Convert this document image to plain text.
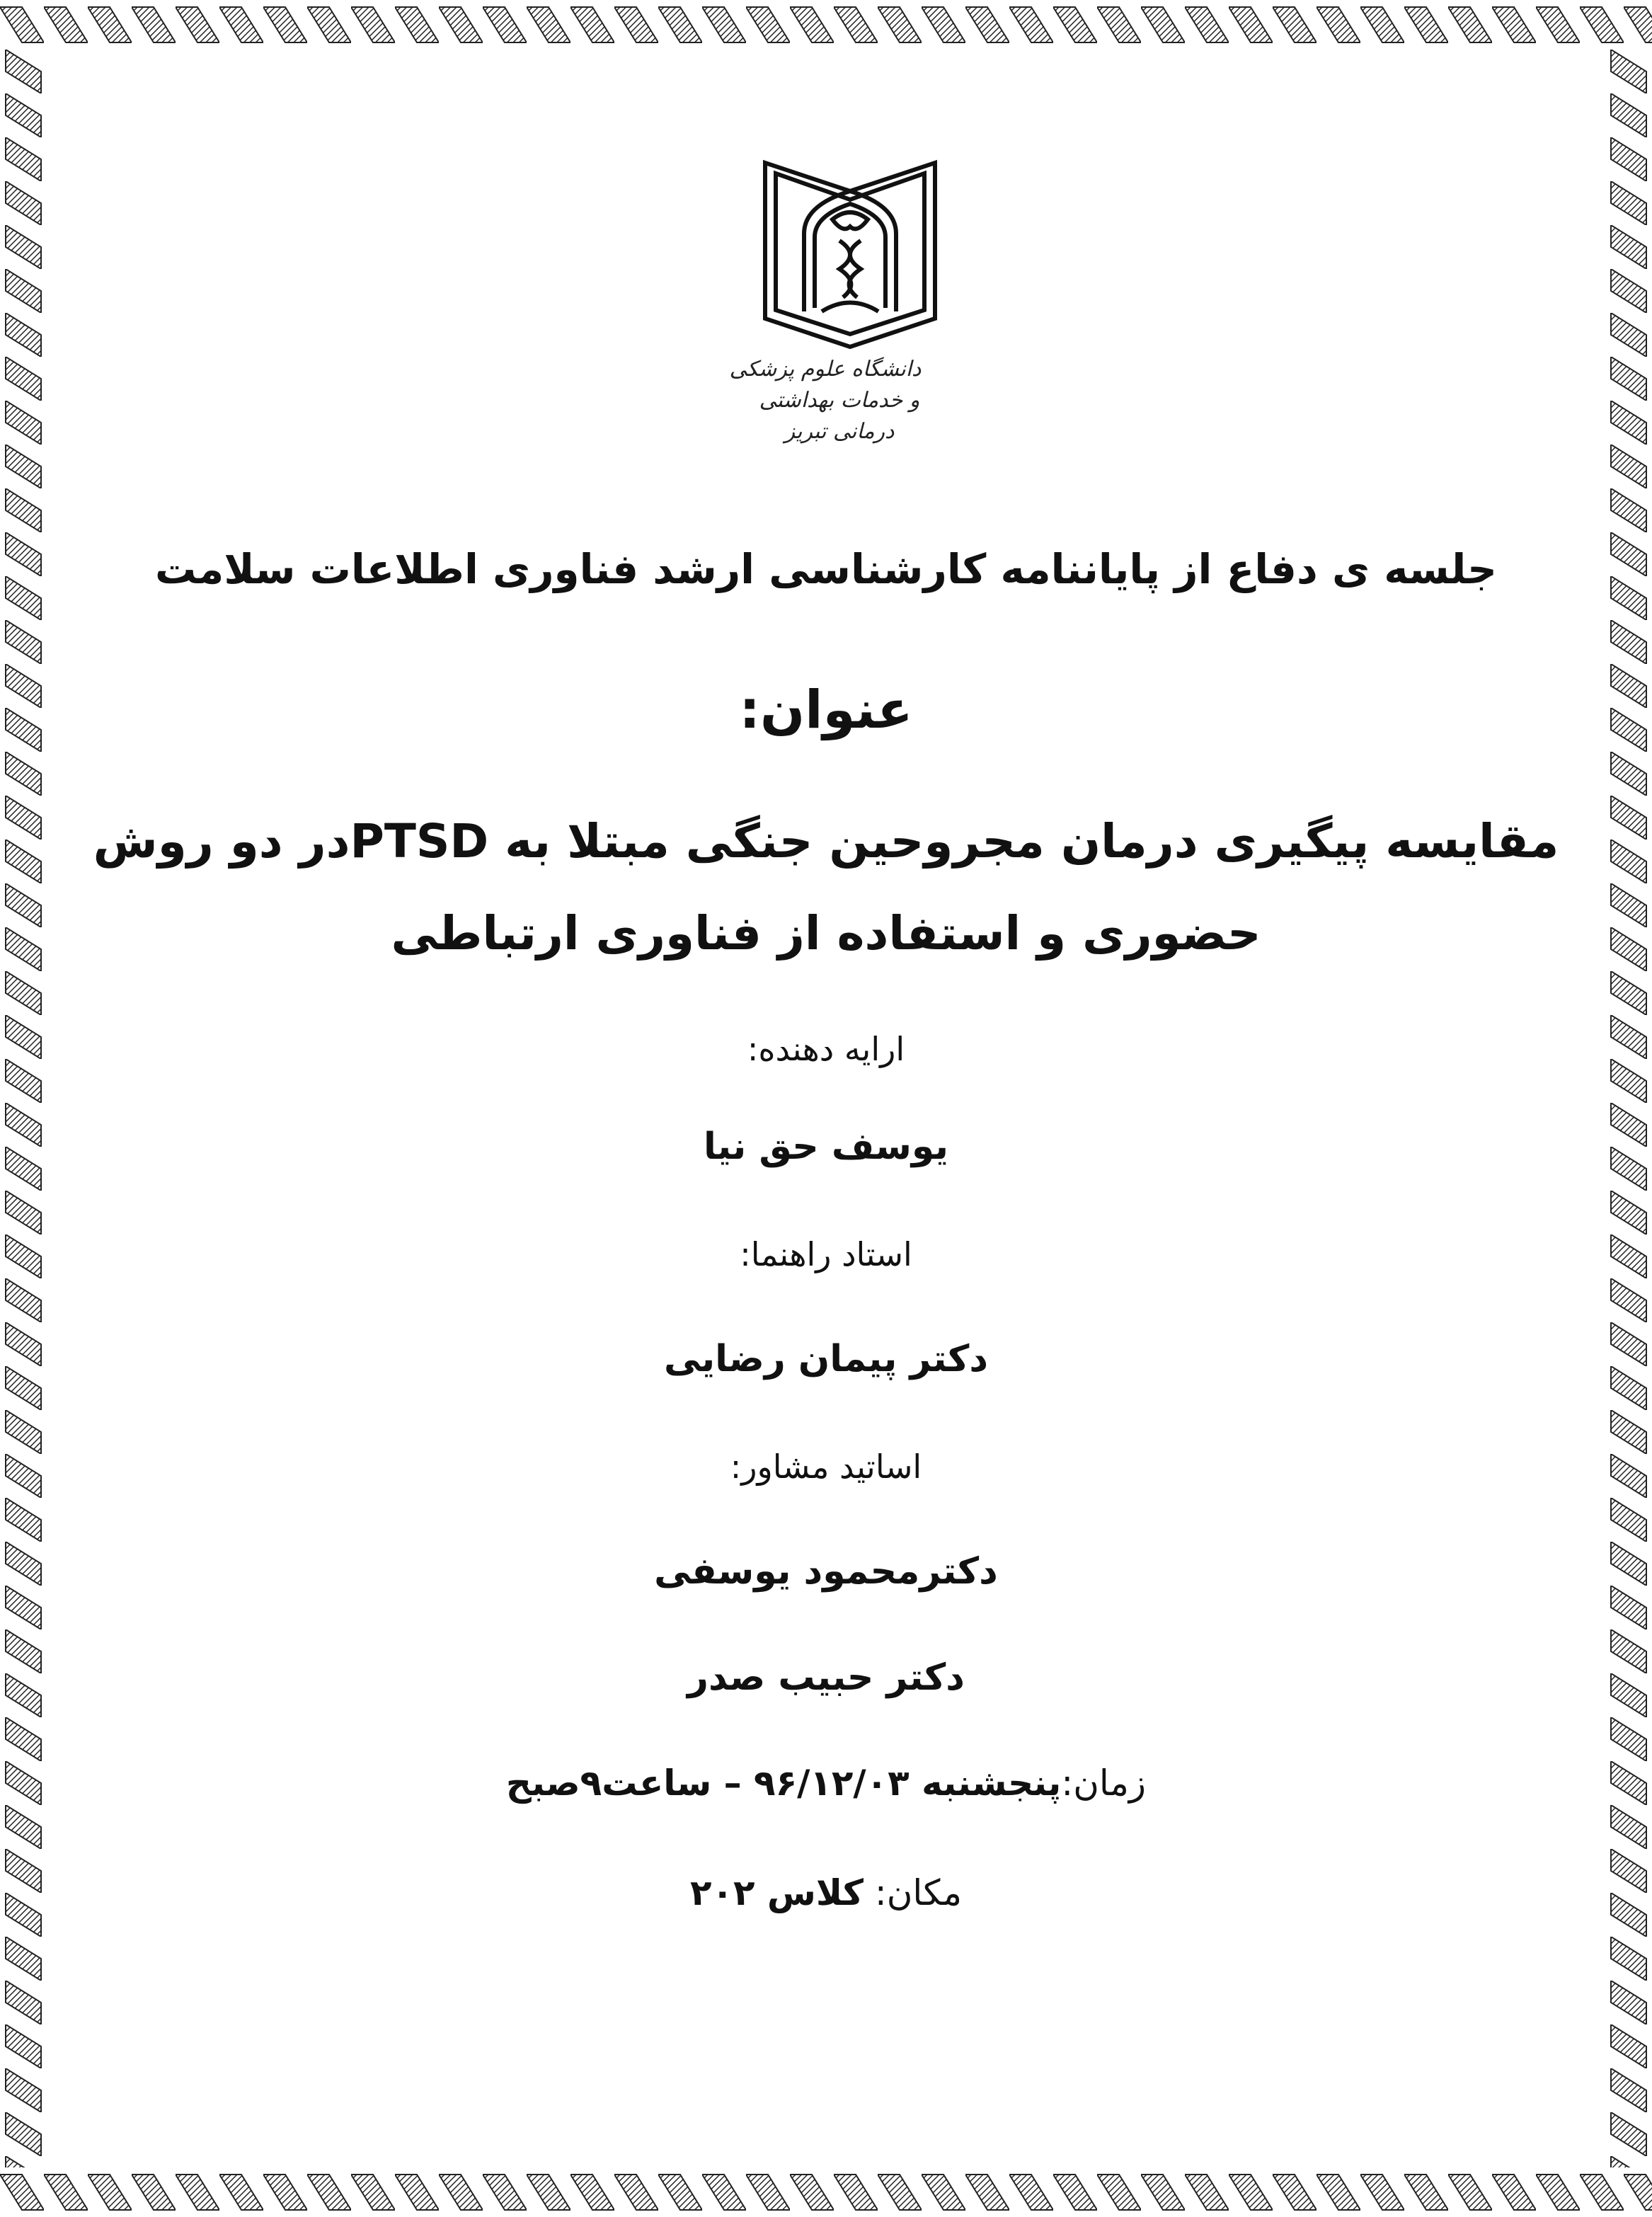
دانشگاه علوم پزشکی
و خدمات بهداشتی درمانی تبریز
جلسه ی دفاع از پایاننامه کارشناسی ارشد فناوری اطلاعات سلامت
عنوان:
مقایسه پیگیری درمان مجروحین جنگی مبتلا به PTSDدر دو روش
حضوری و استفاده از فناوری ارتباطی
ارایه دهنده:
یوسف حق نیا
استاد راهنما:
دکتر پیمان رضایی
اساتید مشاور:
دکترمحمود یوسفی
دکتر حبیب صدر
زمان:پنجشنبه ۹۶/۱۲/۰۳ – ساعت۹صبح
مکان: کلاس ۲۰۲
